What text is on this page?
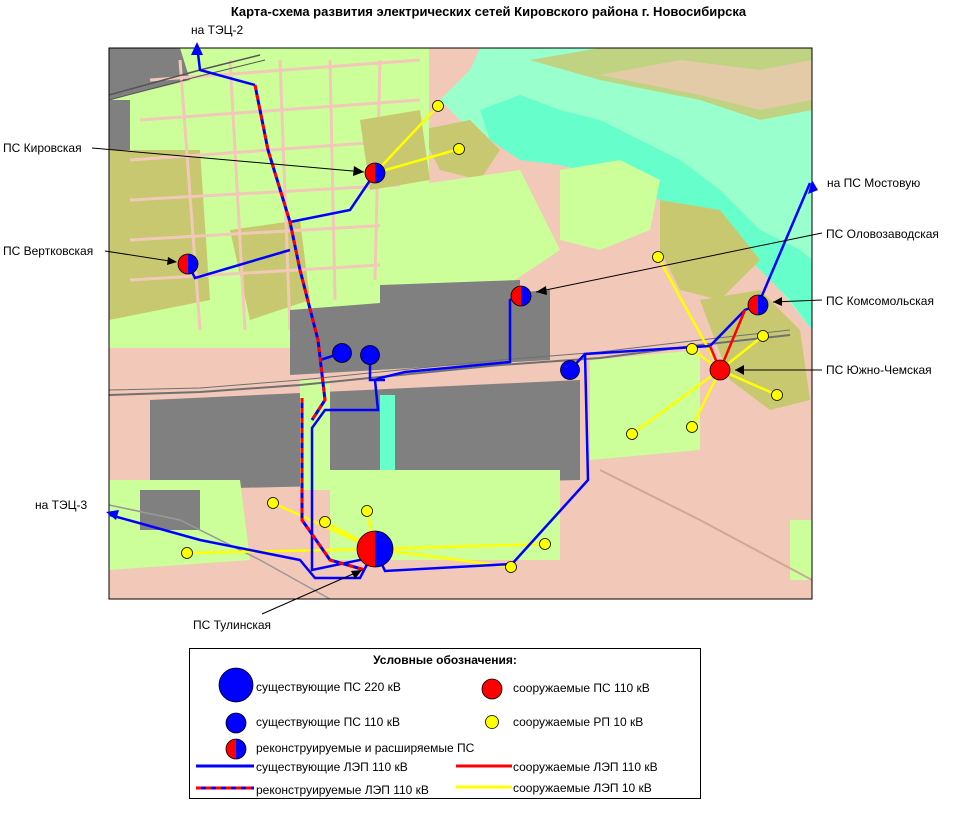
Карта-схема развития электрических сетей Кировского района г. Новосибирска
на ТЭЦ-2
на ТЭЦ-3
на ПС Мостовую
ПС Кировская
ПС Вертковская
ПС Оловозаводская
ПС Комсомольская
ПС Южно-Чемская
ПС Тулинская
Условные обозначения:
существующие ПС 220 кВ
существующие ПС 110 кВ
реконструируемые и расширяемые ПС
сооружаемые ПС 110 кВ
сооружаемые РП 10 кВ
существующие ЛЭП 110 кВ
реконструируемые ЛЭП 110 кВ
сооружаемые ЛЭП 110 кВ
сооружаемые ЛЭП 10 кВ
